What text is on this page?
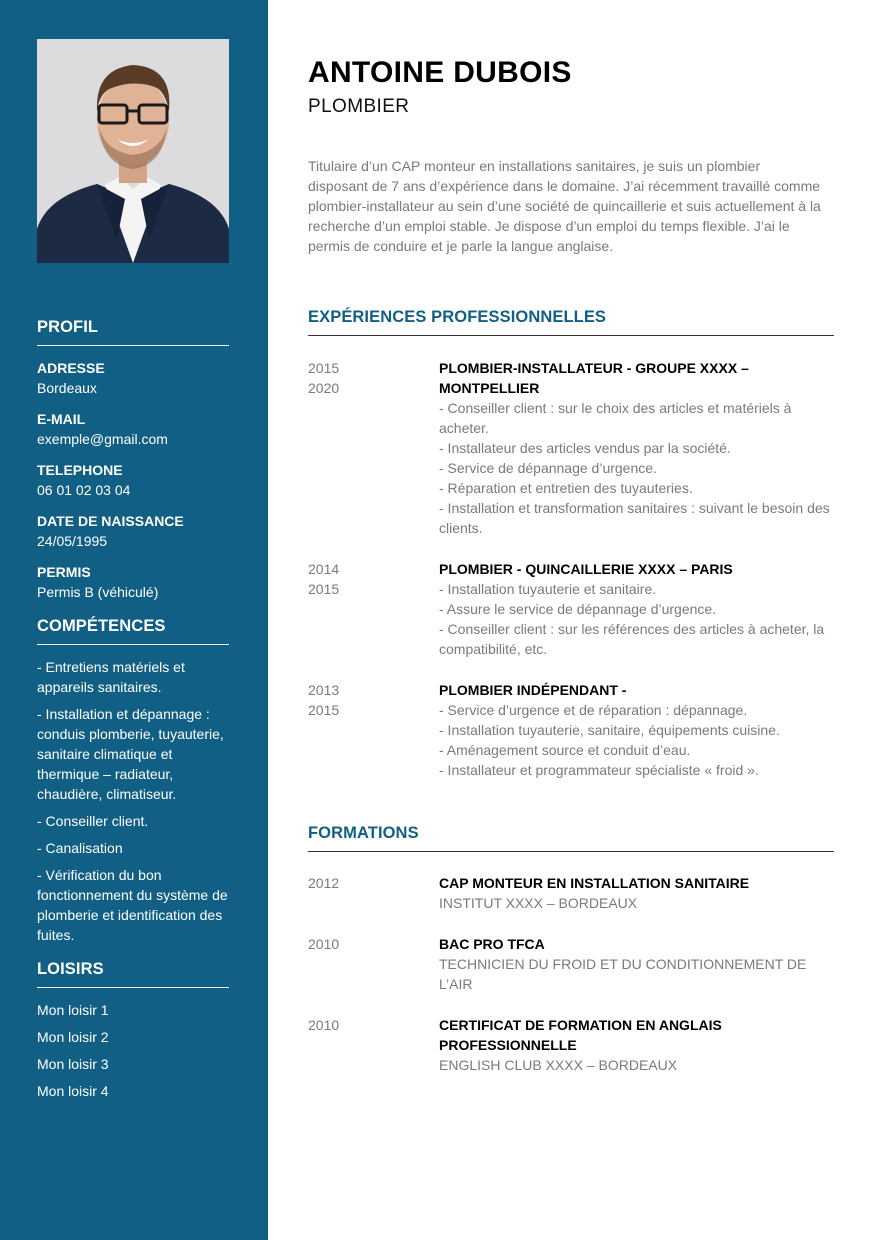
PROFIL
ADRESSE
Bordeaux
E-MAIL
exemple@gmail.com
TELEPHONE
06 01 02 03 04
DATE DE NAISSANCE
24/05/1995
PERMIS
Permis B (véhiculé)
COMPÉTENCES
- Entretiens matériels et appareils sanitaires.
- Installation et dépannage : conduis plomberie, tuyauterie, sanitaire climatique et thermique – radiateur, chaudière, climatiseur.
- Conseiller client.
- Canalisation
- Vérification du bon fonctionnement du système de plomberie et identification des fuites.
LOISIRS
Mon loisir 1
Mon loisir 2
Mon loisir 3
Mon loisir 4
ANTOINE DUBOIS
PLOMBIER
Titulaire d’un CAP monteur en installations sanitaires, je suis un plombier disposant de 7 ans d’expérience dans le domaine. J’ai récemment travaillé comme plombier-installateur au sein d’une société de quincaillerie et suis actuellement à la recherche d’un emploi stable. Je dispose d’un emploi du temps flexible. J’ai le permis de conduire et je parle la langue anglaise.
EXPÉRIENCES PROFESSIONNELLES
2015
2020
PLOMBIER-INSTALLATEUR - GROUPE XXXX – MONTPELLIER
- Conseiller client : sur le choix des articles et matériels à acheter.
- Installateur des articles vendus par la société.
- Service de dépannage d’urgence.
- Réparation et entretien des tuyauteries.
- Installation et transformation sanitaires : suivant le besoin des clients.
2014
2015
PLOMBIER - QUINCAILLERIE XXXX – PARIS
- Installation tuyauterie et sanitaire.
- Assure le service de dépannage d’urgence.
- Conseiller client : sur les références des articles à acheter, la compatibilité, etc.
2013
2015
PLOMBIER INDÉPENDANT -
- Service d’urgence et de réparation : dépannage.
- Installation tuyauterie, sanitaire, équipements cuisine.
- Aménagement source et conduit d’eau.
- Installateur et programmateur spécialiste « froid ».
FORMATIONS
2012	CAP MONTEUR EN INSTALLATION SANITAIRE
INSTITUT XXXX – BORDEAUX
2010	BAC PRO TFCA
TECHNICIEN DU FROID ET DU CONDITIONNEMENT DE L’AIR
2010	CERTIFICAT DE FORMATION EN ANGLAIS PROFESSIONNELLE
ENGLISH CLUB XXXX – BORDEAUX
